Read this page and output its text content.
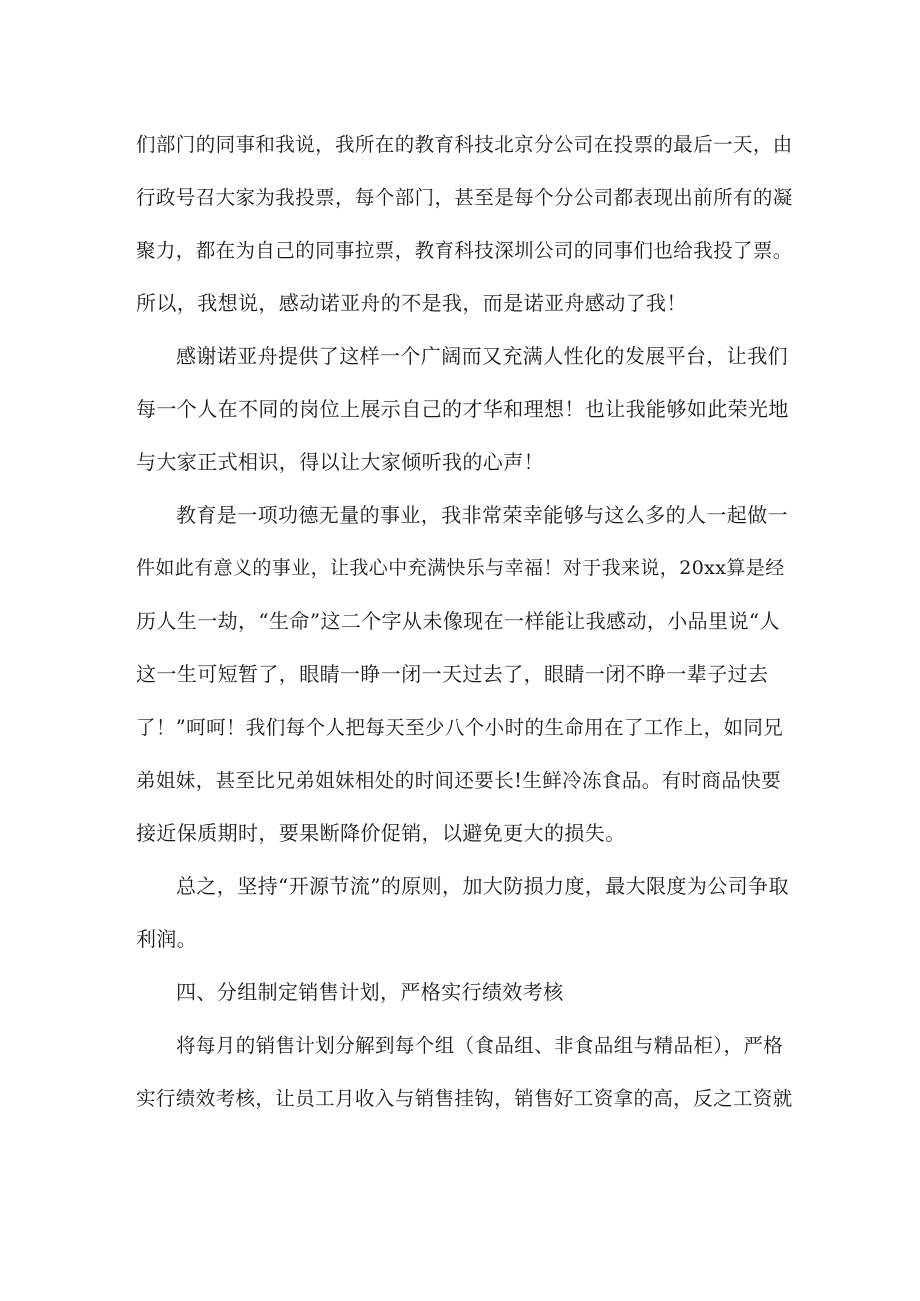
们部门的同事和我说，我所在的教育科技北京分公司在投票的最后一天，由
行政号召大家为我投票，每个部门，甚至是每个分公司都表现出前所有的凝
聚力，都在为自己的同事拉票，教育科技深圳公司的同事们也给我投了票。
所以，我想说，感动诺亚舟的不是我，而是诺亚舟感动了我！
感谢诺亚舟提供了这样一个广阔而又充满人性化的发展平台，让我们
每一个人在不同的岗位上展示自己的才华和理想！也让我能够如此荣光地
与大家正式相识，得以让大家倾听我的心声！
教育是一项功德无量的事业，我非常荣幸能够与这么多的人一起做一
件如此有意义的事业，让我心中充满快乐与幸福！对于我来说，20xx算是经
历人生一劫，“生命”这二个字从未像现在一样能让我感动，小品里说“人
这一生可短暂了，眼睛一睁一闭一天过去了，眼睛一闭不睁一辈子过去
了！”呵呵！我们每个人把每天至少八个小时的生命用在了工作上，如同兄
弟姐妹，甚至比兄弟姐妹相处的时间还要长!生鲜冷冻食品。有时商品快要
接近保质期时，要果断降价促销，以避免更大的损失。
总之，坚持“开源节流”的原则，加大防损力度，最大限度为公司争取
利润。
四、分组制定销售计划，严格实行绩效考核
将每月的销售计划分解到每个组（食品组、非食品组与精品柜），严格
实行绩效考核，让员工月收入与销售挂钩，销售好工资拿的高，反之工资就
